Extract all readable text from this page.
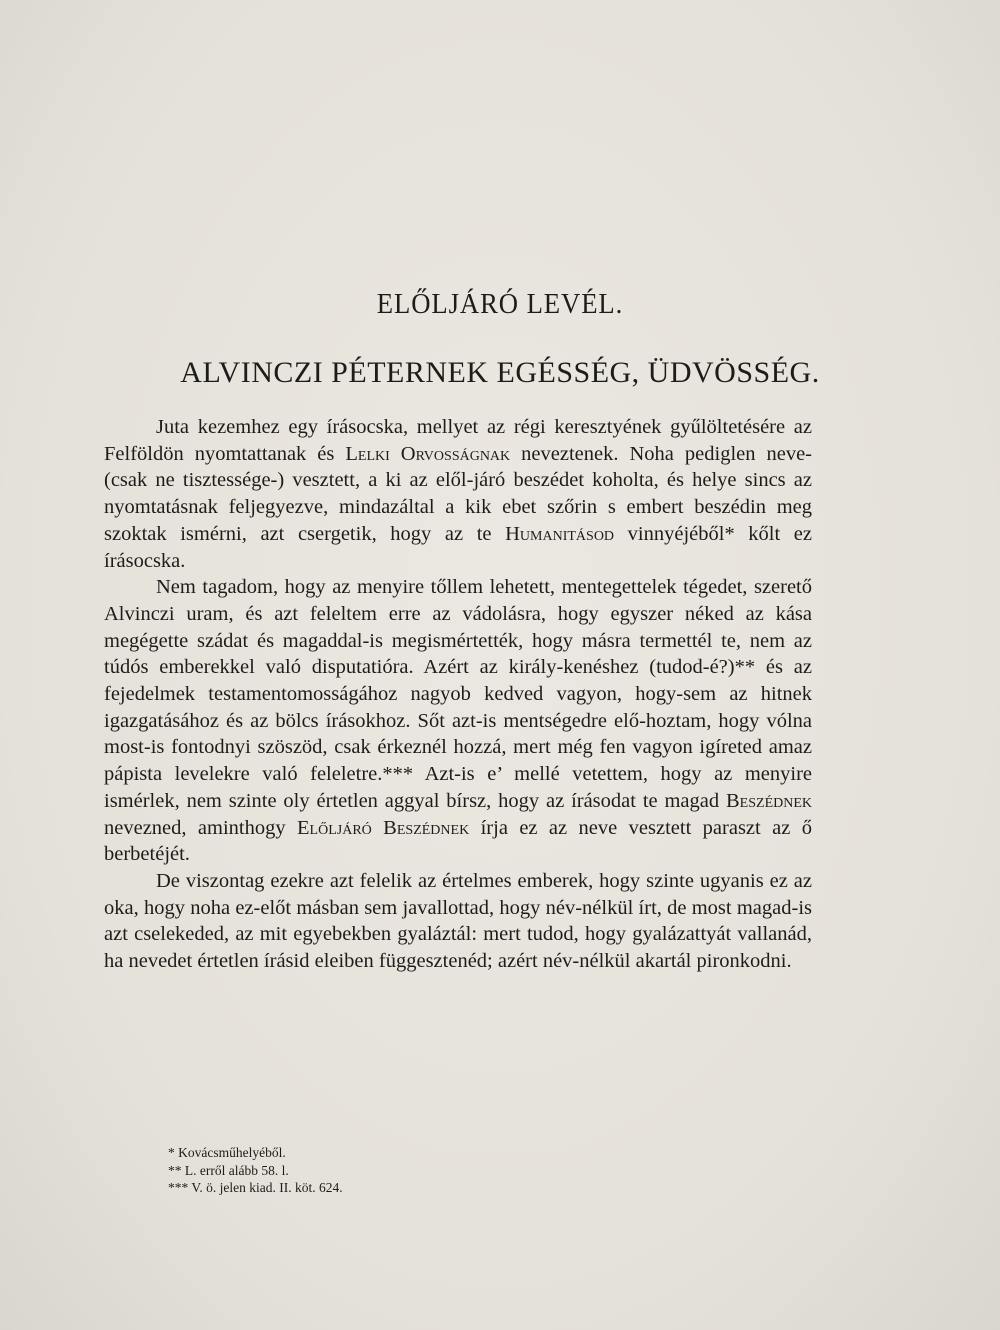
ELŐLJÁRÓ LEVÉL.
ALVINCZI PÉTERNEK EGÉSSÉG, ÜDVÖSSÉG.

Juta kezemhez egy írásocska, mellyet az régi keresztyének gyűlöltetésére az Felföldön nyomtattanak és Lelki Orvosságnak neveztenek. Noha pediglen neve- (csak ne tisztessége-) vesztett, a ki az elől-járó beszédet koholta, és helye sincs az nyomtatásnak feljegyezve, mindazáltal a kik ebet szőrin s embert beszédin meg szoktak ismérni, azt csergetik, hogy az te Humanitásod vinnyéjéből* kőlt ez írásocska.

Nem tagadom, hogy az menyire tőllem lehetett, mentegettelek tégedet, szerető Alvinczi uram, és azt feleltem erre az vádolásra, hogy egyszer néked az kása megégette szádat és magaddal-is megismértették, hogy másra termettél te, nem az túdós emberekkel való disputatióra. Azért az király-kenéshez (tudod-é?)** és az fejedelmek testamentomosságához nagyob kedved vagyon, hogy-sem az hitnek igazgatásához és az bölcs írásokhoz. Sőt azt-is mentségedre elő-hoztam, hogy vólna most-is fontodnyi szöszöd, csak érkeznél hozzá, mert még fen vagyon igíreted amaz pápista levelekre való feleletre.*** Azt-is e’ mellé vetettem, hogy az menyire ismérlek, nem szinte oly értetlen aggyal bírsz, hogy az írásodat te magad Beszédnek nevezned, aminthogy Előljáró Beszédnek írja ez az neve vesztett paraszt az ő berbetéjét.

De viszontag ezekre azt felelik az értelmes emberek, hogy szinte ugyanis ez az oka, hogy noha ez-előt másban sem javallottad, hogy név-nélkül írt, de most magad-is azt cselekeded, az mit egyebekben gyaláztál: mert tudod, hogy gyalázattyát vallanád, ha nevedet értetlen írásid eleiben függesztenéd; azért név-nélkül akartál pironkodni.

* Kovácsműhelyéből.
** L. erről alább 58. l.
*** V. ö. jelen kiad. II. köt. 624.
